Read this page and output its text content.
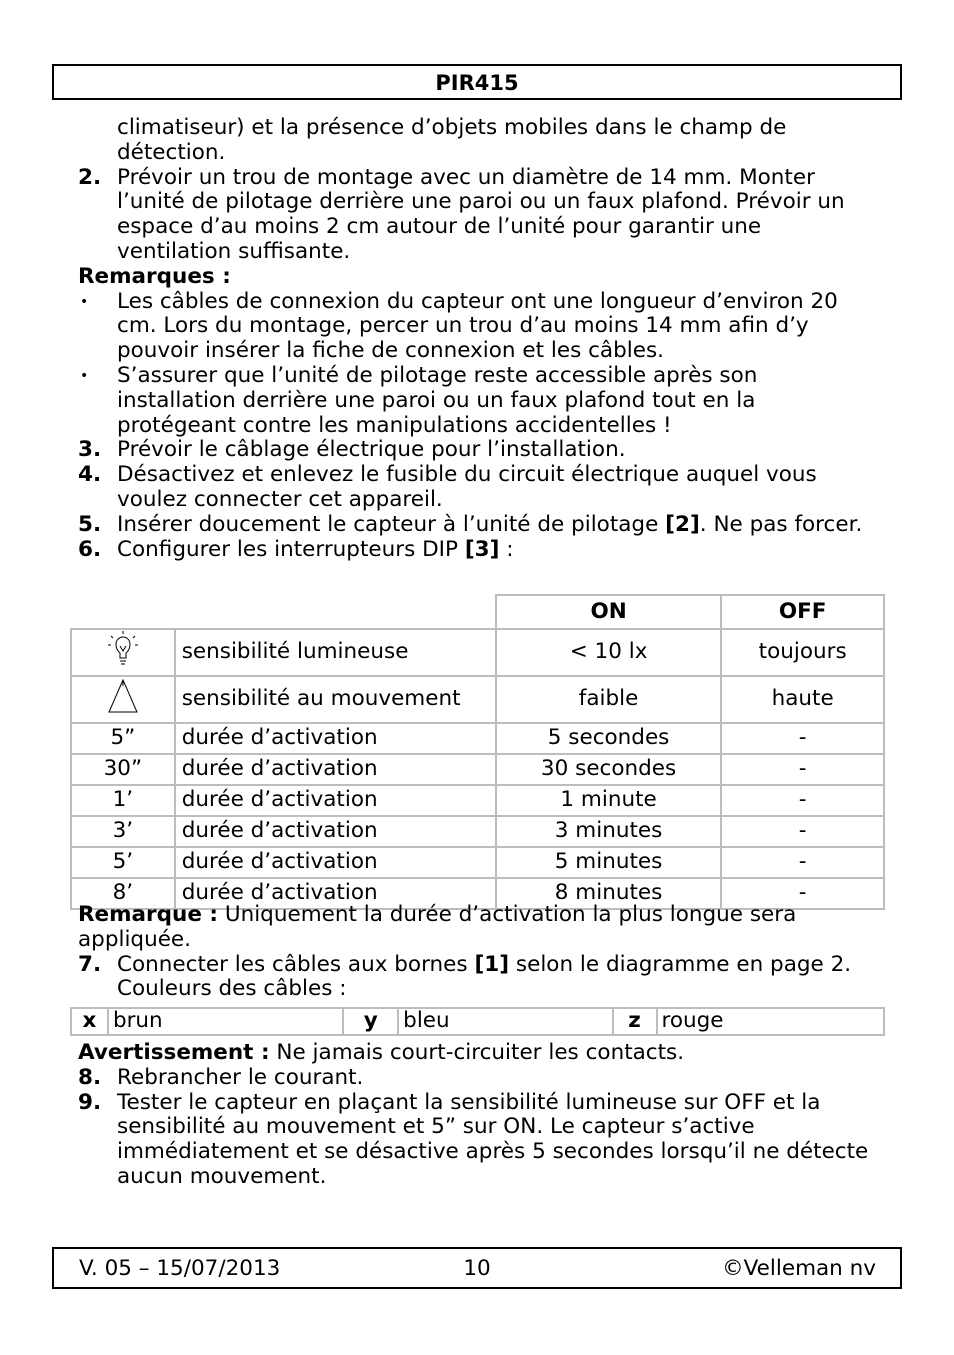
PIR415

climatiseur) et la présence d’objets mobiles dans le champ de détection.

2. Prévoir un trou de montage avec un diamètre de 14 mm. Monter l’unité de pilotage derrière une paroi ou un faux plafond. Prévoir un espace d’au moins 2 cm autour de l’unité pour garantir une ventilation suffisante.

Remarques :

• Les câbles de connexion du capteur ont une longueur d’environ 20 cm. Lors du montage, percer un trou d’au moins 14 mm afin d’y pouvoir insérer la fiche de connexion et les câbles.
• S’assurer que l’unité de pilotage reste accessible après son installation derrière une paroi ou un faux plafond tout en la protégeant contre les manipulations accidentelles !
3. Prévoir le câblage électrique pour l’installation.
4. Désactivez et enlevez le fusible du circuit électrique auquel vous voulez connecter cet appareil.
5. Insérer doucement le capteur à l’unité de pilotage [2]. Ne pas forcer.
6. Configurer les interrupteurs DIP [3] :
		ON	OFF
	sensibilité lumineuse	< 10 lx	toujours
	sensibilité au mouvement	faible	haute
5”	durée d’activation	5 secondes	-
30”	durée d’activation	30 secondes	-
1’	durée d’activation	1 minute	-
3’	durée d’activation	3 minutes	-
5’	durée d’activation	5 minutes	-
8’	durée d’activation	8 minutes	-

Remarque : Uniquement la durée d’activation la plus longue sera appliquée.

7. Connecter les câbles aux bornes [1] selon le diagramme en page 2. Couleurs des câbles :
x	brun	y	bleu	z	rouge

Avertissement : Ne jamais court-circuiter les contacts.

8. Rebrancher le courant.
9. Tester le capteur en plaçant la sensibilité lumineuse sur OFF et la sensibilité au mouvement et 5” sur ON. Le capteur s’active immédiatement et se désactive après 5 secondes lorsqu’il ne détecte aucun mouvement.
10
V. 05 – 15/07/2013	©Velleman nv
